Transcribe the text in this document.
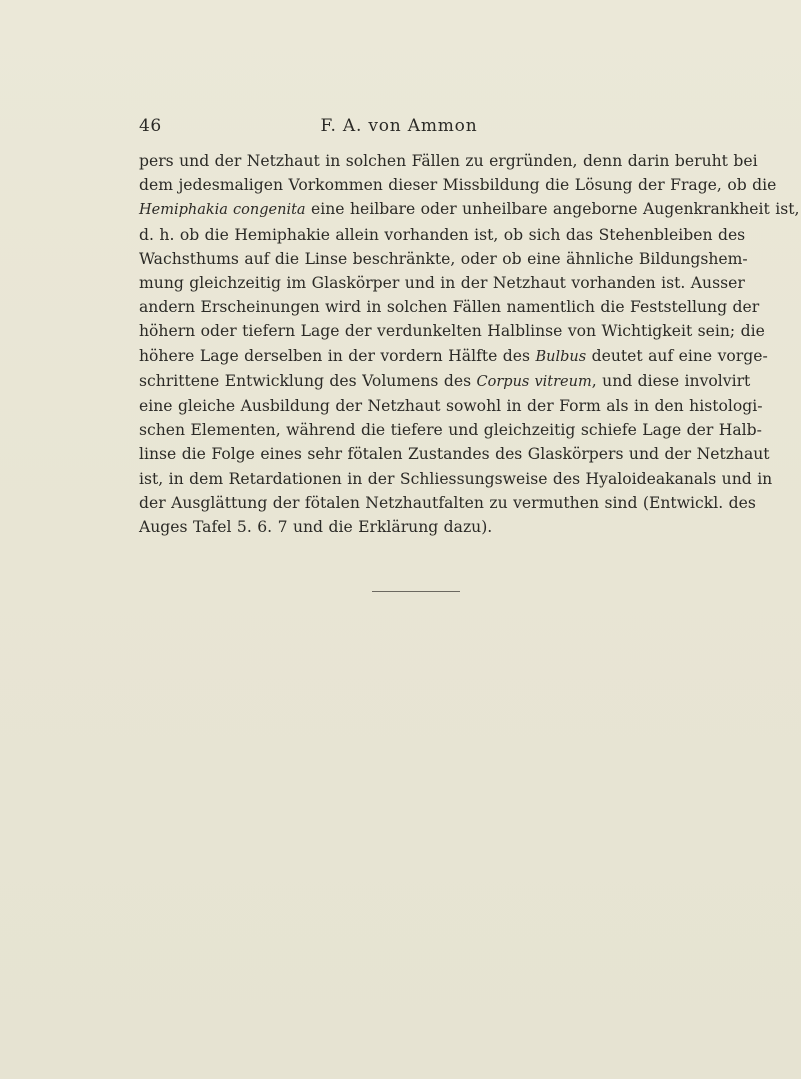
46	F. A. von Ammon
pers und der Netzhaut in solchen Fällen zu ergründen, denn darin beruht bei
dem jedesmaligen Vorkommen dieser Missbildung die Lösung der Frage, ob die
Hemiphakia congenita eine heilbare oder unheilbare angeborne Augenkrankheit ist,
d. h. ob die Hemiphakie allein vorhanden ist, ob sich das Stehenbleiben des
Wachsthums auf die Linse beschränkte, oder ob eine ähnliche Bildungshem-
mung gleichzeitig im Glaskörper und in der Netzhaut vorhanden ist. Ausser
andern Erscheinungen wird in solchen Fällen namentlich die Feststellung der
höhern oder tiefern Lage der verdunkelten Halblinse von Wichtigkeit sein; die
höhere Lage derselben in der vordern Hälfte des Bulbus deutet auf eine vorge-
schrittene Entwicklung des Volumens des Corpus vitreum, und diese involvirt
eine gleiche Ausbildung der Netzhaut sowohl in der Form als in den histologi-
schen Elementen, während die tiefere und gleichzeitig schiefe Lage der Halb-
linse die Folge eines sehr fötalen Zustandes des Glaskörpers und der Netzhaut
ist, in dem Retardationen in der Schliessungsweise des Hyaloideakanals und in
der Ausglättung der fötalen Netzhautfalten zu vermuthen sind (Entwickl. des
Auges Tafel 5. 6. 7 und die Erklärung dazu).
